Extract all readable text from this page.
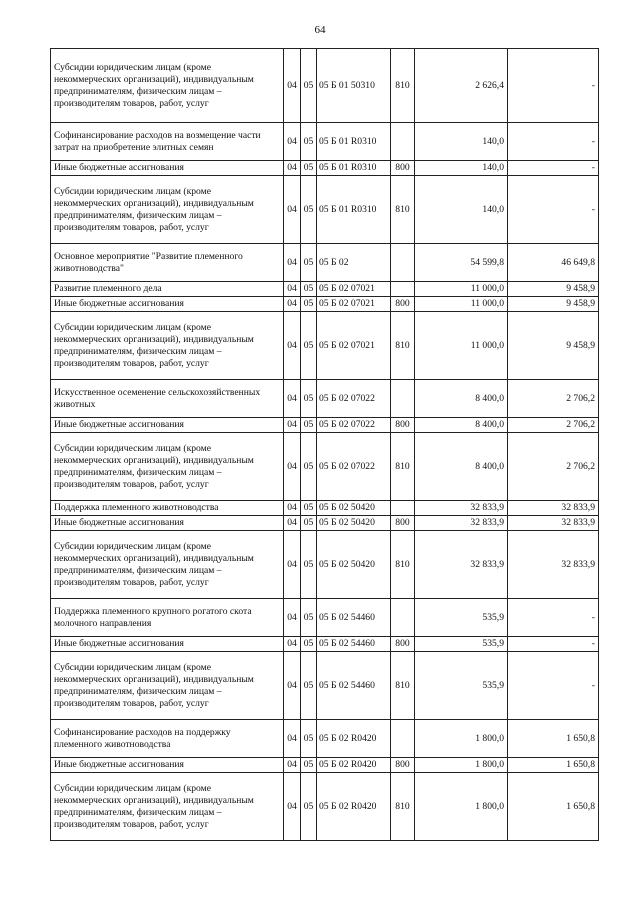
64
Субсидии юридическим лицам (кроме некоммерческих организаций), индивидуальным предпринимателям, физическим лицам – производителям товаров, работ, услуг	04	05	05 Б 01 50310	810	2 626,4	-
Софинансирование расходов на возмещение части затрат на приобретение элитных семян	04	05	05 Б 01 R0310		140,0	-
Иные бюджетные ассигнования	04	05	05 Б 01 R0310	800	140,0	-
Субсидии юридическим лицам (кроме некоммерческих организаций), индивидуальным предпринимателям, физическим лицам – производителям товаров, работ, услуг	04	05	05 Б 01 R0310	810	140,0	-
Основное мероприятие "Развитие племенного животноводства"	04	05	05 Б 02		54 599,8	46 649,8
Развитие племенного дела	04	05	05 Б 02 07021		11 000,0	9 458,9
Иные бюджетные ассигнования	04	05	05 Б 02 07021	800	11 000,0	9 458,9
Субсидии юридическим лицам (кроме некоммерческих организаций), индивидуальным предпринимателям, физическим лицам – производителям товаров, работ, услуг	04	05	05 Б 02 07021	810	11 000,0	9 458,9
Искусственное осеменение сельскохозяйственных животных	04	05	05 Б 02 07022		8 400,0	2 706,2
Иные бюджетные ассигнования	04	05	05 Б 02 07022	800	8 400,0	2 706,2
Субсидии юридическим лицам (кроме некоммерческих организаций), индивидуальным предпринимателям, физическим лицам – производителям товаров, работ, услуг	04	05	05 Б 02 07022	810	8 400,0	2 706,2
Поддержка племенного животноводства	04	05	05 Б 02 50420		32 833,9	32 833,9
Иные бюджетные ассигнования	04	05	05 Б 02 50420	800	32 833,9	32 833,9
Субсидии юридическим лицам (кроме некоммерческих организаций), индивидуальным предпринимателям, физическим лицам – производителям товаров, работ, услуг	04	05	05 Б 02 50420	810	32 833,9	32 833,9
Поддержка племенного крупного рогатого скота молочного направления	04	05	05 Б 02 54460		535,9	-
Иные бюджетные ассигнования	04	05	05 Б 02 54460	800	535,9	-
Субсидии юридическим лицам (кроме некоммерческих организаций), индивидуальным предпринимателям, физическим лицам – производителям товаров, работ, услуг	04	05	05 Б 02 54460	810	535,9	-
Софинансирование расходов на поддержку племенного животноводства	04	05	05 Б 02 R0420		1 800,0	1 650,8
Иные бюджетные ассигнования	04	05	05 Б 02 R0420	800	1 800,0	1 650,8
Субсидии юридическим лицам (кроме некоммерческих организаций), индивидуальным предпринимателям, физическим лицам – производителям товаров, работ, услуг	04	05	05 Б 02 R0420	810	1 800,0	1 650,8
